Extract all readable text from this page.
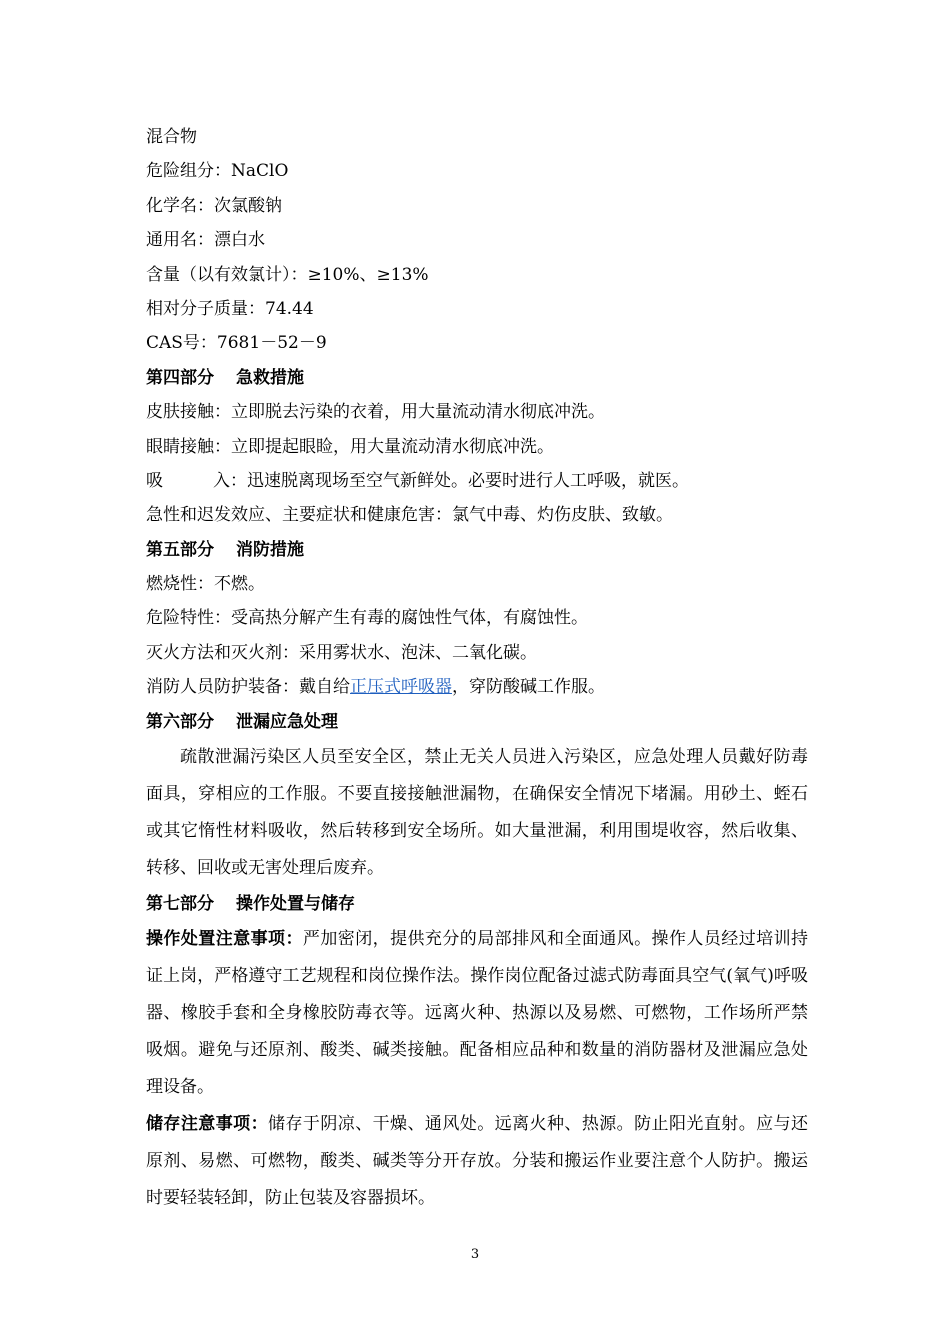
混合物
危险组分：NaClO
化学名：次氯酸钠
通用名：漂白水
含量（以有效氯计）：≥10%、≥13%
相对分子质量：74.44
CAS号：7681－52－9
第四部分 急救措施
皮肤接触：立即脱去污染的衣着，用大量流动清水彻底冲洗。
眼睛接触：立即提起眼睑，用大量流动清水彻底冲洗。
吸	入：迅速脱离现场至空气新鲜处。必要时进行人工呼吸，就医。
急性和迟发效应、主要症状和健康危害：氯气中毒、灼伤皮肤、致敏。
第五部分 消防措施
燃烧性：不燃。
危险特性：受高热分解产生有毒的腐蚀性气体，有腐蚀性。
灭火方法和灭火剂：采用雾状水、泡沫、二氧化碳。
消防人员防护装备：戴自给正压式呼吸器，穿防酸碱工作服。
第六部分 泄漏应急处理

疏散泄漏污染区人员至安全区，禁止无关人员进入污染区，应急处理人员戴好防毒面具，穿相应的工作服。不要直接接触泄漏物，在确保安全情况下堵漏。用砂土、蛭石或其它惰性材料吸收，然后转移到安全场所。如大量泄漏，利用围堤收容，然后收集、转移、回收或无害处理后废弃。

第七部分 操作处置与储存

操作处置注意事项：严加密闭，提供充分的局部排风和全面通风。操作人员经过培训持证上岗，严格遵守工艺规程和岗位操作法。操作岗位配备过滤式防毒面具空气(氧气)呼吸器、橡胶手套和全身橡胶防毒衣等。远离火种、热源以及易燃、可燃物，工作场所严禁吸烟。避免与还原剂、酸类、碱类接触。配备相应品种和数量的消防器材及泄漏应急处理设备。

储存注意事项：储存于阴凉、干燥、通风处。远离火种、热源。防止阳光直射。应与还原剂、易燃、可燃物，酸类、碱类等分开存放。分装和搬运作业要注意个人防护。搬运时要轻装轻卸，防止包装及容器损坏。

3
